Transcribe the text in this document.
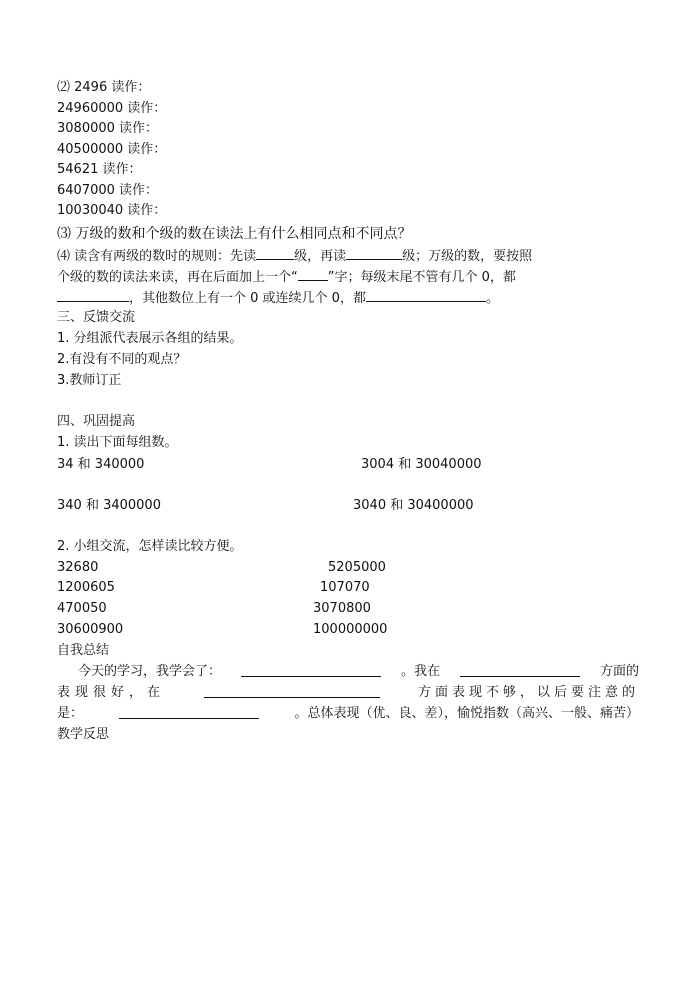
⑵ 2496 读作：
24960000 读作：
3080000 读作：
40500000 读作：
54621 读作：
6407000 读作：
10030040 读作：
⑶ 万级的数和个级的数在读法上有什么相同点和不同点？
⑷ 读含有两级的数时的规则：先读	级，再读	级；万级的数，要按照
个级的数的读法来读，再在后面加上一个“ ”字；每级末尾不管有几个 0，都
，其他数位上有一个 0 或连续几个 0，都	。
三、反馈交流
1. 分组派代表展示各组的结果。
2.有没有不同的观点？
3.教师订正
四、巩固提高
1. 读出下面每组数。
34 和 340000	3004 和 30040000
340 和 3400000	3040 和 30400000
2. 小组交流，怎样读比较方便。
32680	5205000
1200605	107070
470050	3070800
30600900	100000000
自我总结
今天的学习，我学会了：	。我在	方面的
表现很好，在	方面表现不够，以后要注意的
是：	。总体表现（优、良、差），愉悦指数（高兴、一般、痛苦）
教学反思
